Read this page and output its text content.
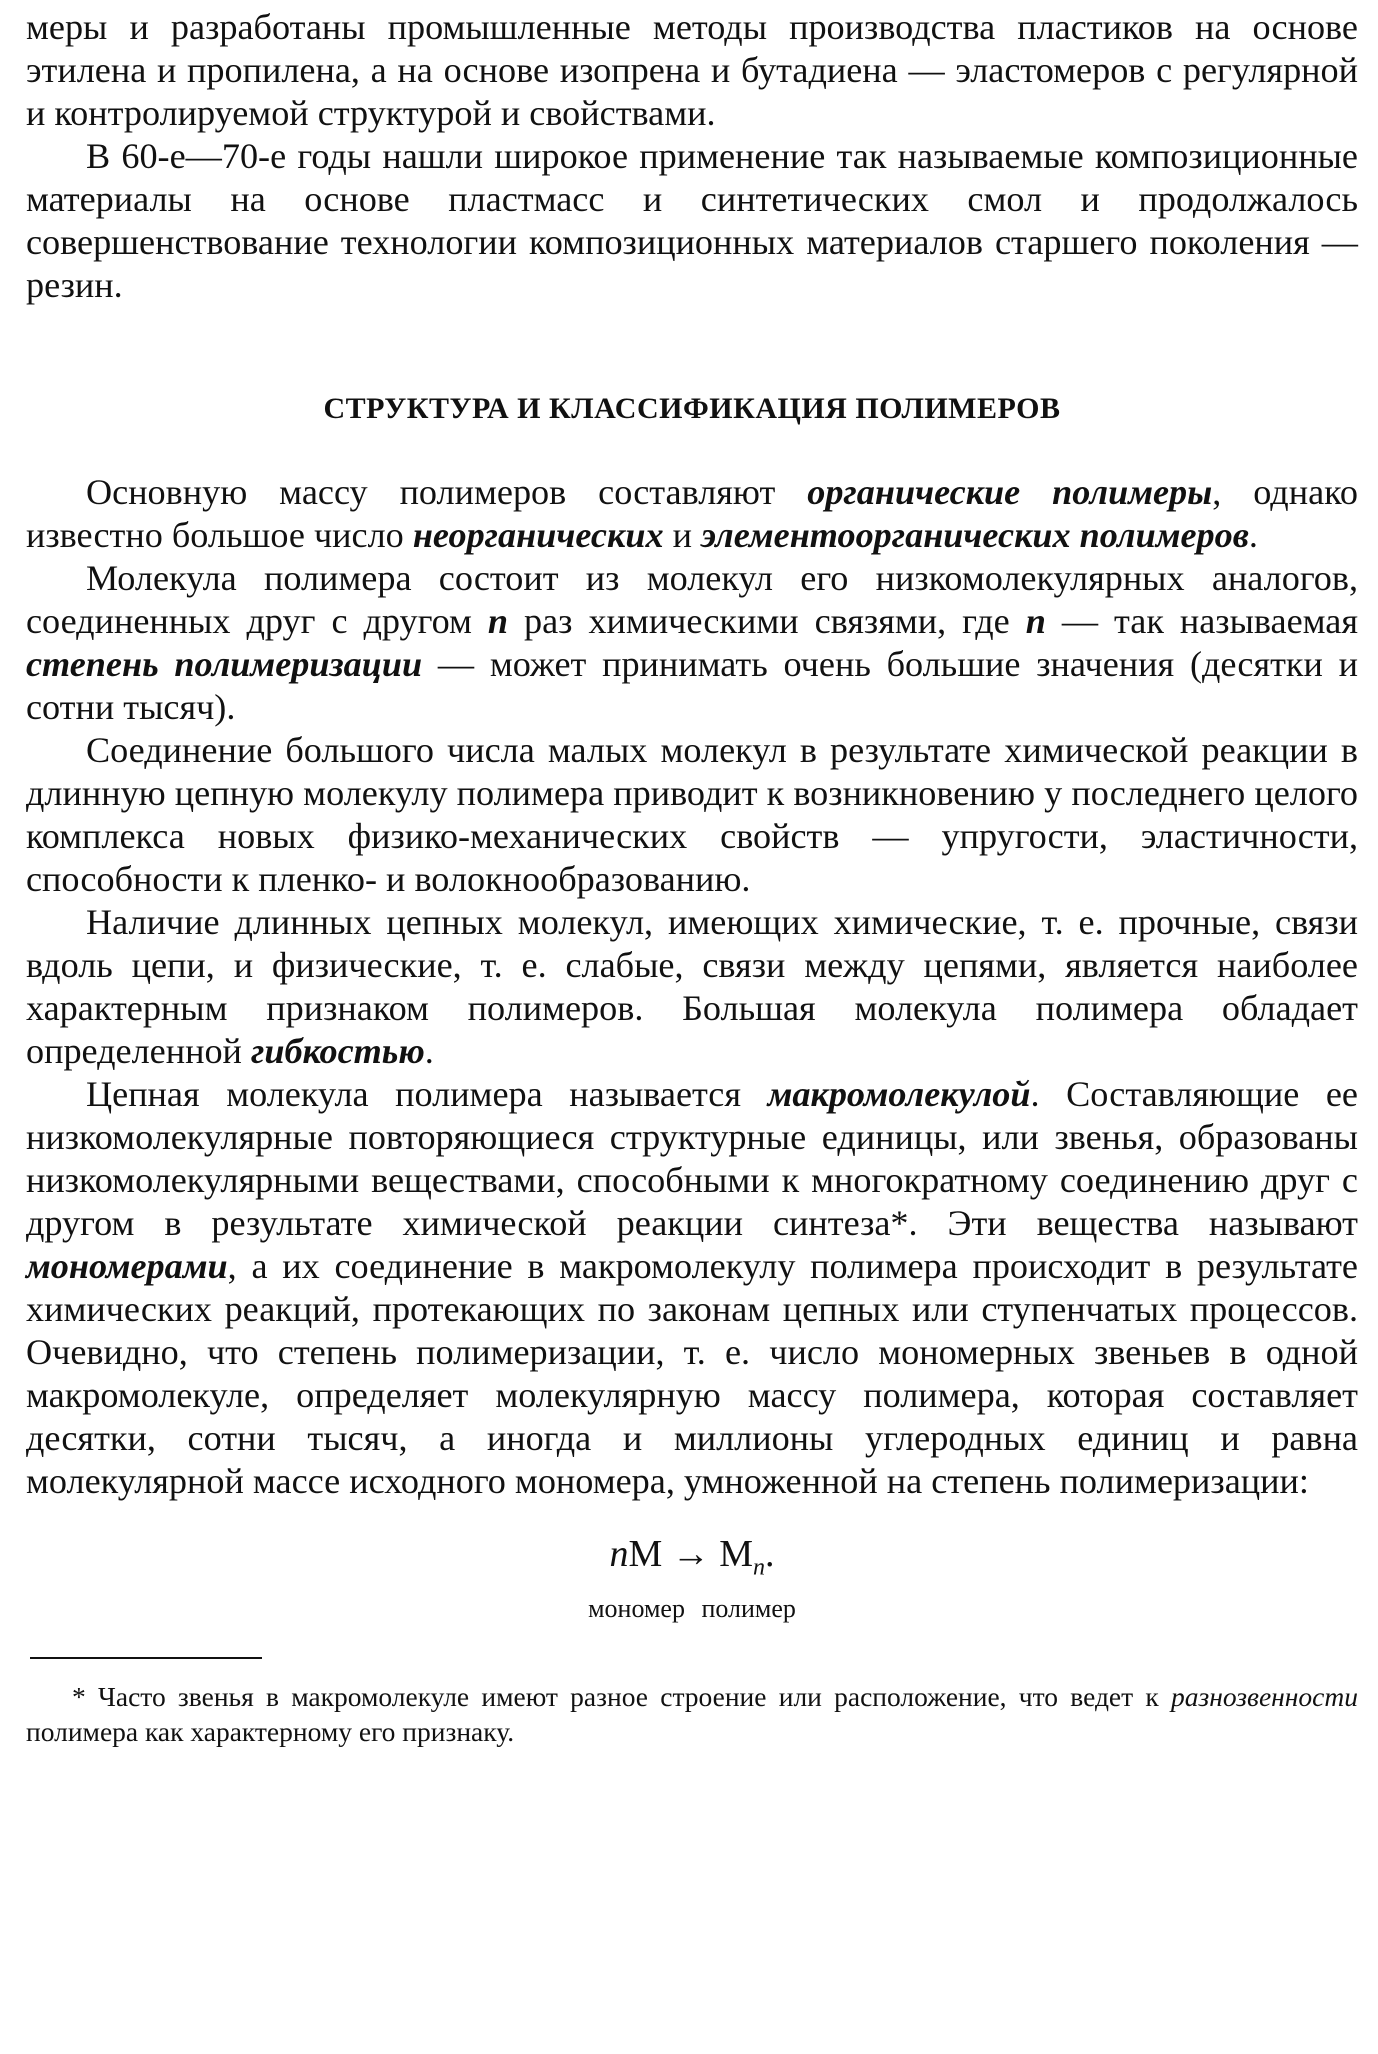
меры и разработаны промышленные методы производства пластиков на основе этилена и пропилена, а на основе изопрена и бутадиена — эластомеров с регулярной и контролируемой структурой и свойствами.

В 60-е—70-е годы нашли широкое применение так называемые композиционные материалы на основе пластмасс и синтетических смол и продолжалось совершенствование технологии композиционных материалов старшего поколения — резин.

СТРУКТУРА И КЛАССИФИКАЦИЯ ПОЛИМЕРОВ

Основную массу полимеров составляют органические полимеры, однако известно большое число неорганических и элементоорганических полимеров.

Молекула полимера состоит из молекул его низкомолекулярных аналогов, соединенных друг с другом n раз химическими связями, где n — так называемая степень полимеризации — может принимать очень большие значения (десятки и сотни тысяч).

Соединение большого числа малых молекул в результате химической реакции в длинную цепную молекулу полимера приводит к возникновению у последнего целого комплекса новых физико-механических свойств — упругости, эластичности, способности к пленко- и волокнообразованию.

Наличие длинных цепных молекул, имеющих химические, т. е. прочные, связи вдоль цепи, и физические, т. е. слабые, связи между цепями, является наиболее характерным признаком полимеров. Большая молекула полимера обладает определенной гибкостью.

Цепная молекула полимера называется макромолекулой. Составляющие ее низкомолекулярные повторяющиеся структурные единицы, или звенья, образованы низкомолекулярными веществами, способными к многократному соединению друг с другом в результате химической реакции синтеза*. Эти вещества называют мономерами, а их соединение в макромолекулу полимера происходит в результате химических реакций, протекающих по законам цепных или ступенчатых процессов. Очевидно, что степень полимеризации, т. е. число мономерных звеньев в одной макромолекуле, определяет молекулярную массу полимера, которая составляет десятки, сотни тысяч, а иногда и миллионы углеродных единиц и равна молекулярной массе исходного мономера, умноженной на степень полимеризации:

nM → $M_n$.
мономер полимер

* Часто звенья в макромолекуле имеют разное строение или расположение, что ведет к разнозвенности полимера как характерному его признаку.
